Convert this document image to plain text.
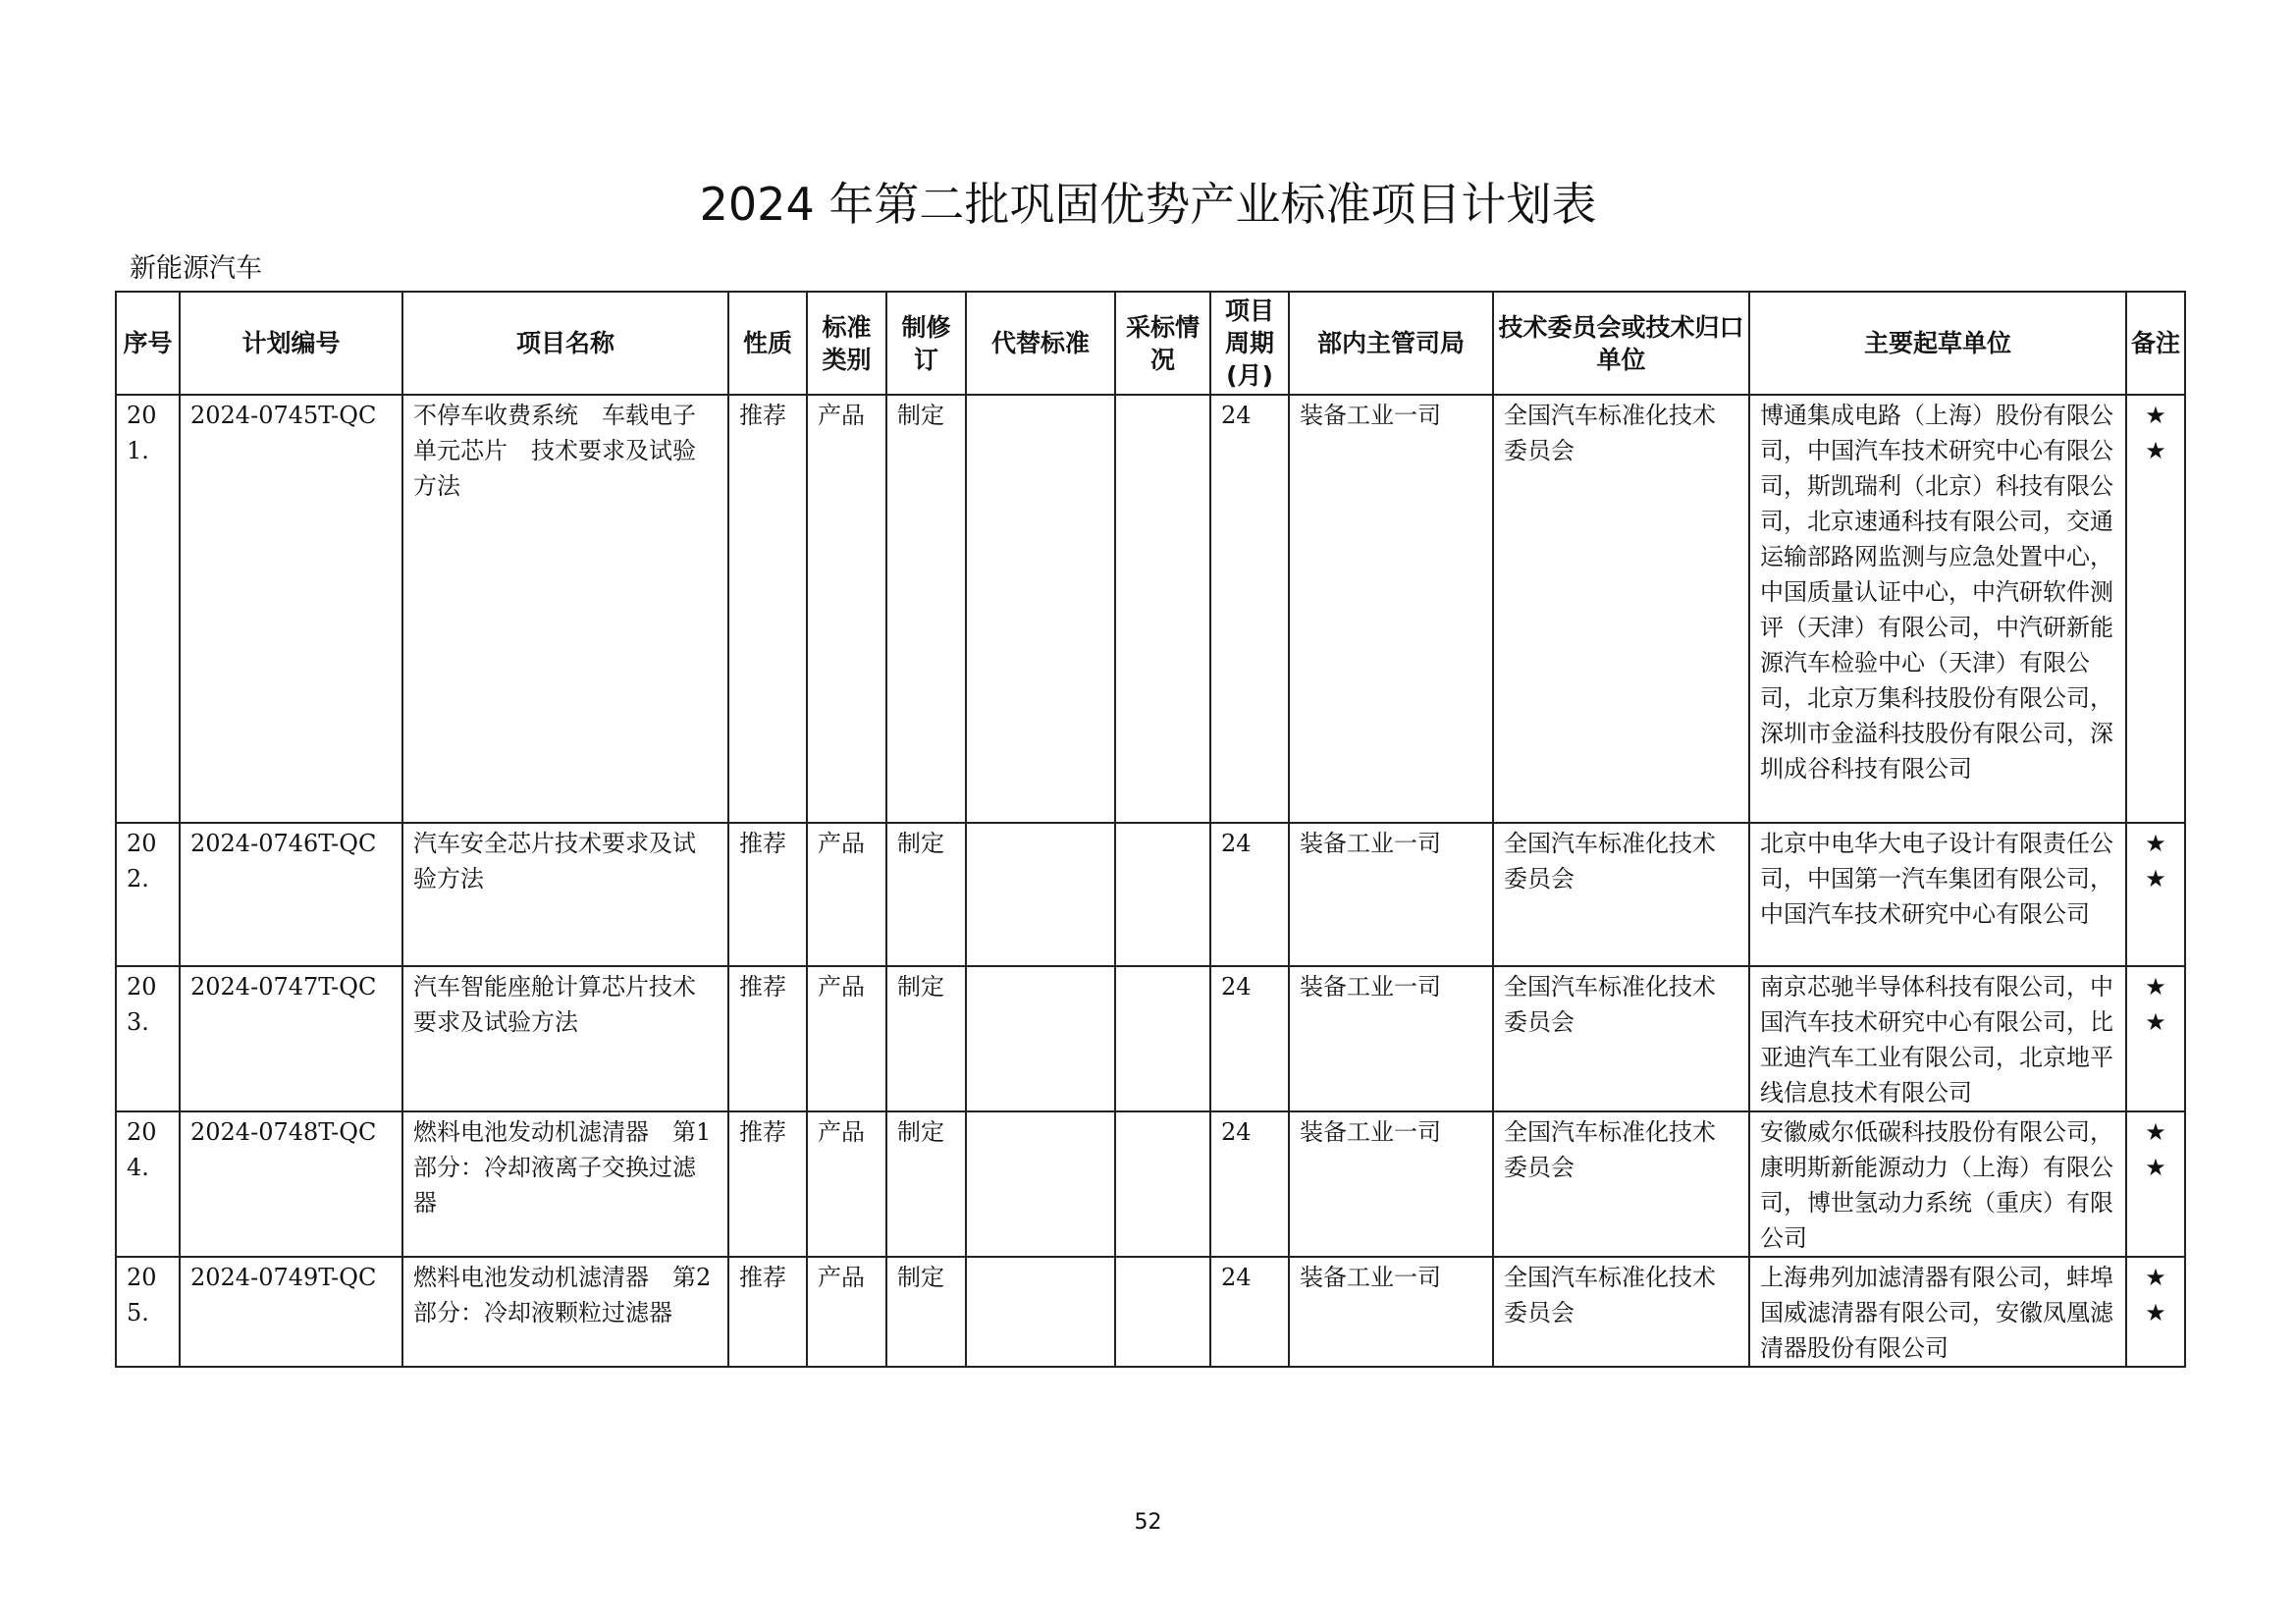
2024 年第二批巩固优势产业标准项目计划表
新能源汽车
序号	计划编号	项目名称	性质	标准类别	制修订	代替标准	采标情况	项目周期(月)	部内主管司局	技术委员会或技术归口单位	主要起草单位	备注
201.	2024-0745T-QC	不停车收费系统　车载电子单元芯片　技术要求及试验方法	推荐	产品	制定			24	装备工业一司	全国汽车标准化技术委员会	博通集成电路（上海）股份有限公司，中国汽车技术研究中心有限公司，斯凯瑞利（北京）科技有限公司，北京速通科技有限公司，交通运输部路网监测与应急处置中心，中国质量认证中心，中汽研软件测评（天津）有限公司，中汽研新能源汽车检验中心（天津）有限公司，北京万集科技股份有限公司，深圳市金溢科技股份有限公司，深圳成谷科技有限公司	★
★

202.	2024-0746T-QC	汽车安全芯片技术要求及试验方法	推荐	产品	制定			24	装备工业一司	全国汽车标准化技术委员会	北京中电华大电子设计有限责任公司，中国第一汽车集团有限公司，中国汽车技术研究中心有限公司	★
★

203.	2024-0747T-QC	汽车智能座舱计算芯片技术要求及试验方法	推荐	产品	制定			24	装备工业一司	全国汽车标准化技术委员会	南京芯驰半导体科技有限公司，中国汽车技术研究中心有限公司，比亚迪汽车工业有限公司，北京地平线信息技术有限公司	★
★

204.	2024-0748T-QC	燃料电池发动机滤清器　第1部分：冷却液离子交换过滤器	推荐	产品	制定			24	装备工业一司	全国汽车标准化技术委员会	安徽威尔低碳科技股份有限公司，康明斯新能源动力（上海）有限公司，博世氢动力系统（重庆）有限公司	★
★

205.	2024-0749T-QC	燃料电池发动机滤清器　第2部分：冷却液颗粒过滤器	推荐	产品	制定			24	装备工业一司	全国汽车标准化技术委员会	上海弗列加滤清器有限公司，蚌埠国威滤清器有限公司，安徽凤凰滤清器股份有限公司	★
★
52
